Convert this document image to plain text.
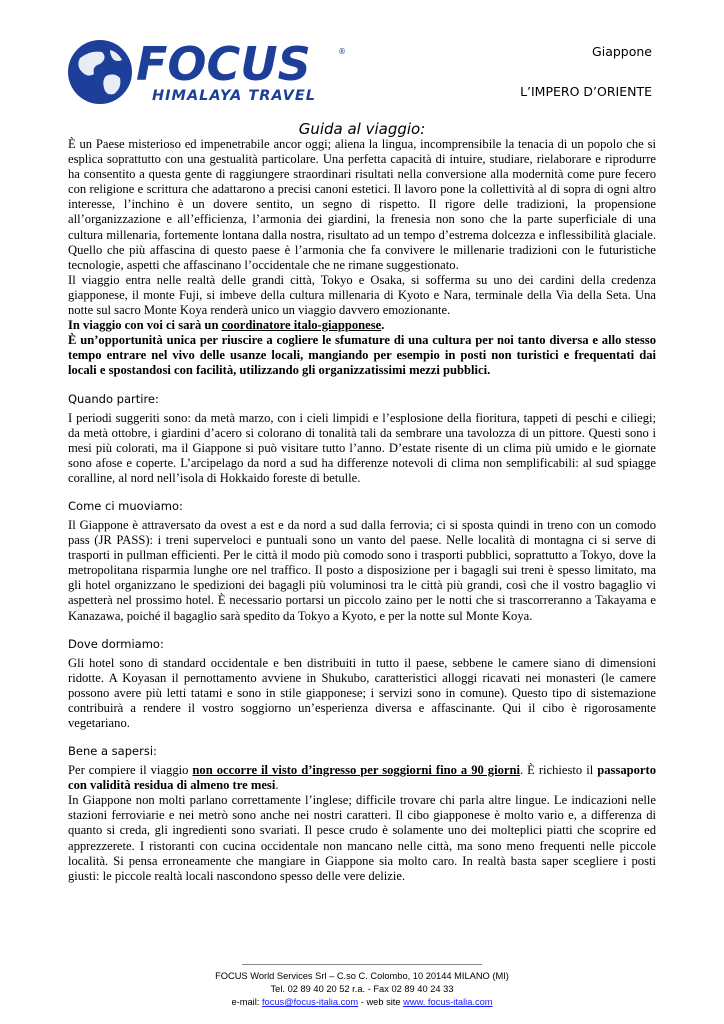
FOCUS
HIMALAYA TRAVEL
®	Giappone
L’IMPERO D’ORIENTE
Guida al viaggio:

È un Paese misterioso ed impenetrabile ancor oggi; aliena la lingua, incomprensibile la tenacia di un popolo che si esplica soprattutto con una gestualità particolare. Una perfetta capacità di intuire, studiare, rielaborare e riprodurre ha consentito a questa gente di raggiungere straordinari risultati nella conversione alla modernità come pure fecero con religione e scrittura che adattarono a precisi canoni estetici. Il lavoro pone la collettività al di sopra di ogni altro interesse, l’inchino è un dovere sentito, un segno di rispetto. Il rigore delle tradizioni, la propensione all’organizzazione e all’efficienza, l’armonia dei giardini, la frenesia non sono che la parte superficiale di una cultura millenaria, fortemente lontana dalla nostra, risultato ad un tempo d’estrema dolcezza e inflessibilità glaciale. Quello che più affascina di questo paese è l’armonia che fa convivere le millenarie tradizioni con le futuristiche tecnologie, aspetti che affascinano l’occidentale che ne rimane suggestionato.

Il viaggio entra nelle realtà delle grandi città, Tokyo e Osaka, si sofferma su uno dei cardini della credenza giapponese, il monte Fuji, si imbeve della cultura millenaria di Kyoto e Nara, terminale della Via della Seta. Una notte sul sacro Monte Koya renderà unico un viaggio davvero emozionante.

In viaggio con voi ci sarà un coordinatore italo-giapponese.

È un’opportunità unica per riuscire a cogliere le sfumature di una cultura per noi tanto diversa e allo stesso tempo entrare nel vivo delle usanze locali, mangiando per esempio in posti non turistici e frequentati dai locali e spostandosi con facilità, utilizzando gli organizzatissimi mezzi pubblici.

Quando partire:

I periodi suggeriti sono: da metà marzo, con i cieli limpidi e l’esplosione della fioritura, tappeti di peschi e ciliegi; da metà ottobre, i giardini d’acero si colorano di tonalità tali da sembrare una tavolozza di un pittore. Questi sono i mesi più colorati, ma il Giappone si può visitare tutto l’anno. D’estate risente di un clima più umido e le giornate sono afose e coperte. L’arcipelago da nord a sud ha differenze notevoli di clima non semplificabili: al sud spiagge coralline, al nord nell’isola di Hokkaido foreste di betulle.

Come ci muoviamo:

Il Giappone è attraversato da ovest a est e da nord a sud dalla ferrovia; ci si sposta quindi in treno con un comodo pass (JR PASS): i treni superveloci e puntuali sono un vanto del paese. Nelle località di montagna ci si serve di trasporti in pullman efficienti. Per le città il modo più comodo sono i trasporti pubblici, soprattutto a Tokyo, dove la metropolitana risparmia lunghe ore nel traffico. Il posto a disposizione per i bagagli sui treni è spesso limitato, ma gli hotel organizzano le spedizioni dei bagagli più voluminosi tra le città più grandi, così che il vostro bagaglio vi aspetterà nel prossimo hotel. È necessario portarsi un piccolo zaino per le notti che si trascorreranno a Takayama e Kanazawa, poiché il bagaglio sarà spedito da Tokyo a Kyoto, e per la notte sul Monte Koya.

Dove dormiamo:

Gli hotel sono di standard occidentale e ben distribuiti in tutto il paese, sebbene le camere siano di dimensioni ridotte. A Koyasan il pernottamento avviene in Shukubo, caratteristici alloggi ricavati nei monasteri (le camere possono avere più letti tatami e sono in stile giapponese; i servizi sono in comune). Questo tipo di sistemazione contribuirà a rendere il vostro soggiorno un’esperienza diversa e affascinante. Qui il cibo è rigorosamente vegetariano.

Bene a sapersi:

Per compiere il viaggio non occorre il visto d’ingresso per soggiorni fino a 90 giorni. È richiesto il passaporto con validità residua di almeno tre mesi.

In Giappone non molti parlano correttamente l’inglese; difficile trovare chi parla altre lingue. Le indicazioni nelle stazioni ferroviarie e nei metrò sono anche nei nostri caratteri. Il cibo giapponese è molto vario e, a differenza di quanto si creda, gli ingredienti sono svariati. Il pesce crudo è solamente uno dei molteplici piatti che scoprire ed apprezzerete. I ristoranti con cucina occidentale non mancano nelle città, ma sono meno frequenti nelle piccole località. Si pensa erroneamente che mangiare in Giappone sia molto caro. In realtà basta saper scegliere i posti giusti: le piccole realtà locali nascondono spesso delle vere delizie.

FOCUS World Services Srl – C.so C. Colombo, 10 20144 MILANO (MI)
Tel. 02 89 40 20 52 r.a. - Fax 02 89 40 24 33
e-mail: focus@focus-italia.com - web site www. focus-italia.com
